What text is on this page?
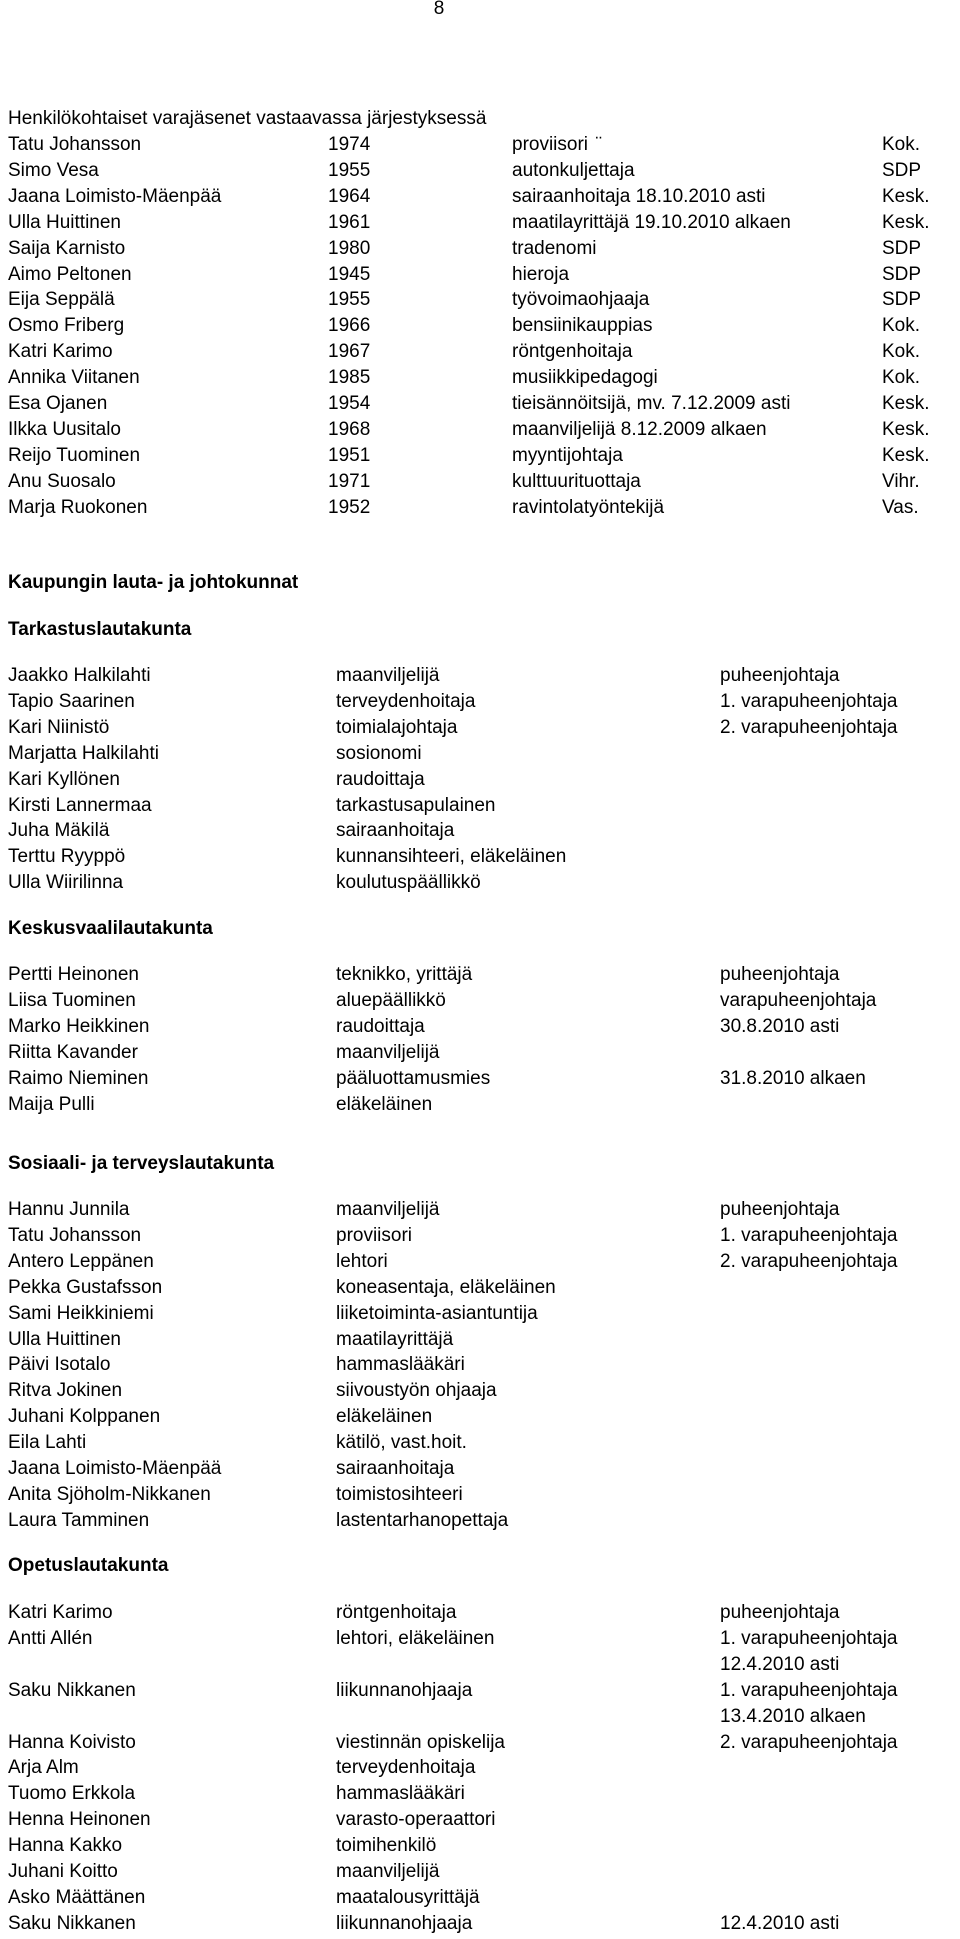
8
Henkilökohtaiset varajäsenet vastaavassa järjestyksessä
Tatu Johansson	1974	proviisori  ̈	Kok.
Simo Vesa	1955	autonkuljettaja	SDP
Jaana Loimisto-Mäenpää	1964	sairaanhoitaja 18.10.2010 asti	Kesk.
Ulla Huittinen	1961	maatilayrittäjä 19.10.2010 alkaen	Kesk.
Saija Karnisto	1980	tradenomi	SDP
Aimo Peltonen	1945	hieroja	SDP
Eija Seppälä	1955	työvoimaohjaaja	SDP
Osmo Friberg	1966	bensiinikauppias	Kok.
Katri Karimo	1967	röntgenhoitaja	Kok.
Annika Viitanen	1985	musiikkipedagogi	Kok.
Esa Ojanen	1954	tieisännöitsijä, mv. 7.12.2009 asti	Kesk.
Ilkka Uusitalo	1968	maanviljelijä 8.12.2009 alkaen	Kesk.
Reijo Tuominen	1951	myyntijohtaja	Kesk.
Anu Suosalo	1971	kulttuurituottaja	Vihr.
Marja Ruokonen	1952	ravintolatyöntekijä	Vas.
Kaupungin lauta- ja johtokunnat
Tarkastuslautakunta
Jaakko Halkilahti	maanviljelijä	puheenjohtaja
Tapio Saarinen	terveydenhoitaja	1. varapuheenjohtaja
Kari Niinistö	toimialajohtaja	2. varapuheenjohtaja
Marjatta Halkilahti	sosionomi
Kari Kyllönen	raudoittaja
Kirsti Lannermaa	tarkastusapulainen
Juha Mäkilä	sairaanhoitaja
Terttu Ryyppö	kunnansihteeri, eläkeläinen
Ulla Wiirilinna	koulutuspäällikkö
Keskusvaalilautakunta
Pertti Heinonen	teknikko, yrittäjä	puheenjohtaja
Liisa Tuominen	aluepäällikkö	varapuheenjohtaja
Marko Heikkinen	raudoittaja	30.8.2010 asti
Riitta Kavander	maanviljelijä
Raimo Nieminen	pääluottamusmies	31.8.2010 alkaen
Maija Pulli	eläkeläinen
Sosiaali- ja terveyslautakunta
Hannu Junnila	maanviljelijä	puheenjohtaja
Tatu Johansson	proviisori	1. varapuheenjohtaja
Antero Leppänen	lehtori	2. varapuheenjohtaja
Pekka Gustafsson	koneasentaja, eläkeläinen
Sami Heikkiniemi	liiketoiminta-asiantuntija
Ulla Huittinen	maatilayrittäjä
Päivi Isotalo	hammaslääkäri
Ritva Jokinen	siivoustyön ohjaaja
Juhani Kolppanen	eläkeläinen
Eila Lahti	kätilö, vast.hoit.
Jaana Loimisto-Mäenpää	sairaanhoitaja
Anita Sjöholm-Nikkanen	toimistosihteeri
Laura Tamminen	lastentarhanopettaja
Opetuslautakunta
Katri Karimo	röntgenhoitaja	puheenjohtaja
Antti Allén	lehtori, eläkeläinen	1. varapuheenjohtaja
12.4.2010 asti
Saku Nikkanen	liikunnanohjaaja	1. varapuheenjohtaja
13.4.2010 alkaen
Hanna Koivisto	viestinnän opiskelija	2. varapuheenjohtaja
Arja Alm	terveydenhoitaja
Tuomo Erkkola	hammaslääkäri
Henna Heinonen	varasto-operaattori
Hanna Kakko	toimihenkilö
Juhani Koitto	maanviljelijä
Asko Määttänen	maatalousyrittäjä
Saku Nikkanen	liikunnanohjaaja	12.4.2010 asti
